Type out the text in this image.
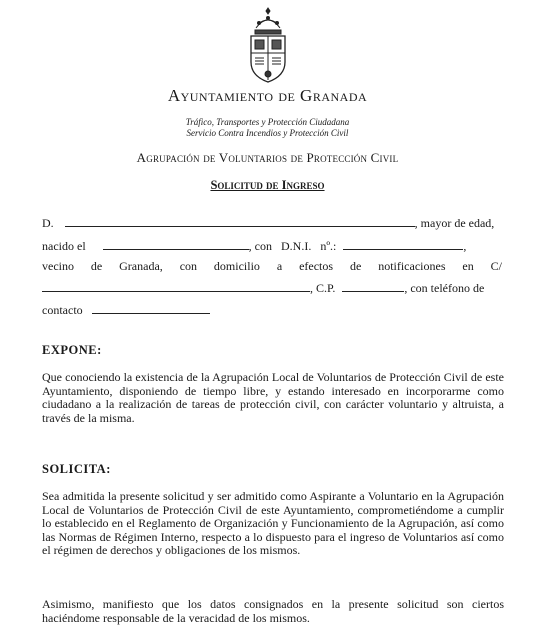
Ayuntamiento de Granada
Tráfico, Transportes y Protección Ciudadana
Servicio Contra Incendios y Protección Civil
Agrupación de Voluntarios de Protección Civil
Solicitud de Ingreso
D.	, mayor de edad,
nacido el	, con D.N.I. nº.:	,
vecino de Granada, con domicilio a efectos de notificaciones en C/
, C.P.	, con teléfono de
contacto
EXPONE:
Que conociendo la existencia de la Agrupación Local de Voluntarios de Protección Civil de este Ayuntamiento, disponiendo de tiempo libre, y estando interesado en incorporarme como ciudadano a la realización de tareas de protección civil, con carácter voluntario y altruista, a través de la misma.
SOLICITA:
Sea admitida la presente solicitud y ser admitido como Aspirante a Voluntario en la Agrupación Local de Voluntarios de Protección Civil de este Ayuntamiento, comprometiéndome a cumplir lo establecido en el Reglamento de Organización y Funcionamiento de la Agrupación, así como las Normas de Régimen Interno, respecto a lo dispuesto para el ingreso de Voluntarios así como el régimen de derechos y obligaciones de los mismos.
Asimismo, manifiesto que los datos consignados en la presente solicitud son ciertos haciéndome responsable de la veracidad de los mismos.
